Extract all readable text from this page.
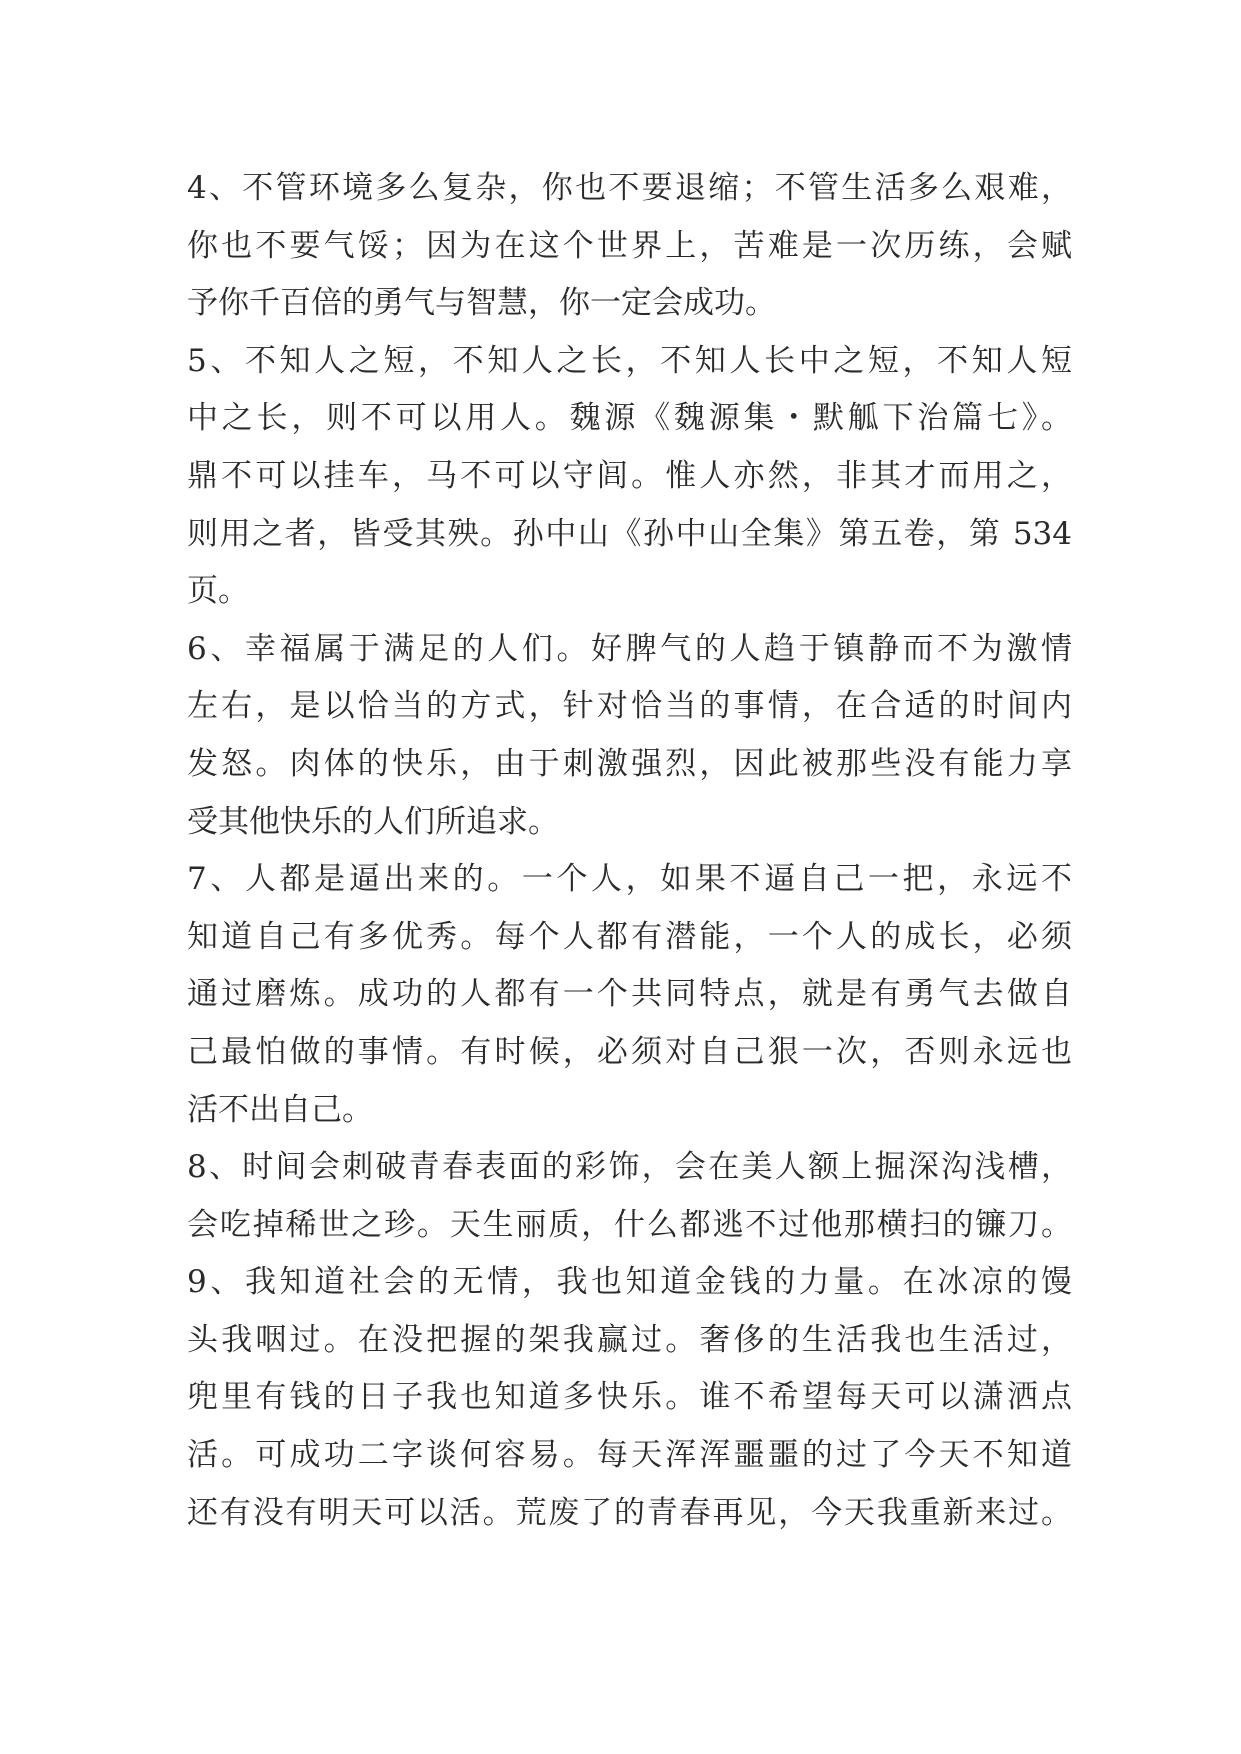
4、不管环境多么复杂，你也不要退缩；不管生活多么艰难，
你也不要气馁；因为在这个世界上，苦难是一次历练，会赋
予你千百倍的勇气与智慧，你一定会成功。
5、不知人之短，不知人之长，不知人长中之短，不知人短
中之长，则不可以用人。魏源《魏源集・默觚下治篇七》。
鼎不可以挂车，马不可以守闾。惟人亦然，非其才而用之，
则用之者，皆受其殃。孙中山《孙中山全集》第五卷，第 534
页。
6、幸福属于满足的人们。好脾气的人趋于镇静而不为激情
左右，是以恰当的方式，针对恰当的事情，在合适的时间内
发怒。肉体的快乐，由于刺激强烈，因此被那些没有能力享
受其他快乐的人们所追求。
7、人都是逼出来的。一个人，如果不逼自己一把，永远不
知道自己有多优秀。每个人都有潜能，一个人的成长，必须
通过磨炼。成功的人都有一个共同特点，就是有勇气去做自
己最怕做的事情。有时候，必须对自己狠一次，否则永远也
活不出自己。
8、时间会刺破青春表面的彩饰，会在美人额上掘深沟浅槽，
会吃掉稀世之珍。天生丽质，什么都逃不过他那横扫的镰刀。
9、我知道社会的无情，我也知道金钱的力量。在冰凉的馒
头我咽过。在没把握的架我赢过。奢侈的生活我也生活过，
兜里有钱的日子我也知道多快乐。谁不希望每天可以潇洒点
活。可成功二字谈何容易。每天浑浑噩噩的过了今天不知道
还有没有明天可以活。荒废了的青春再见，今天我重新来过。
